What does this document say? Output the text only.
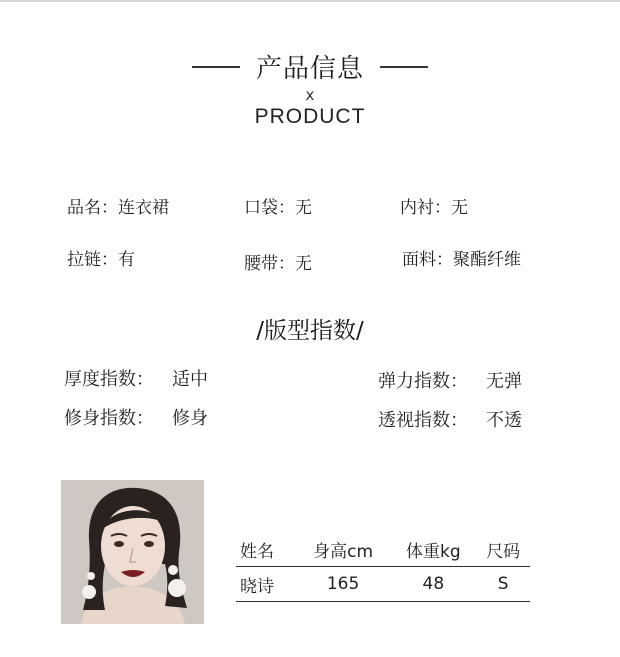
产品信息
x
PRODUCT
品名：连衣裙	口袋：无	内衬：无
拉链：有	腰带：无	面料：聚酯纤维
/版型指数/
厚度指数： 适中	弹力指数： 无弹
修身指数： 修身	透视指数： 不透
姓名	身高cm	体重kg	尺码
晓诗	165	48	S
